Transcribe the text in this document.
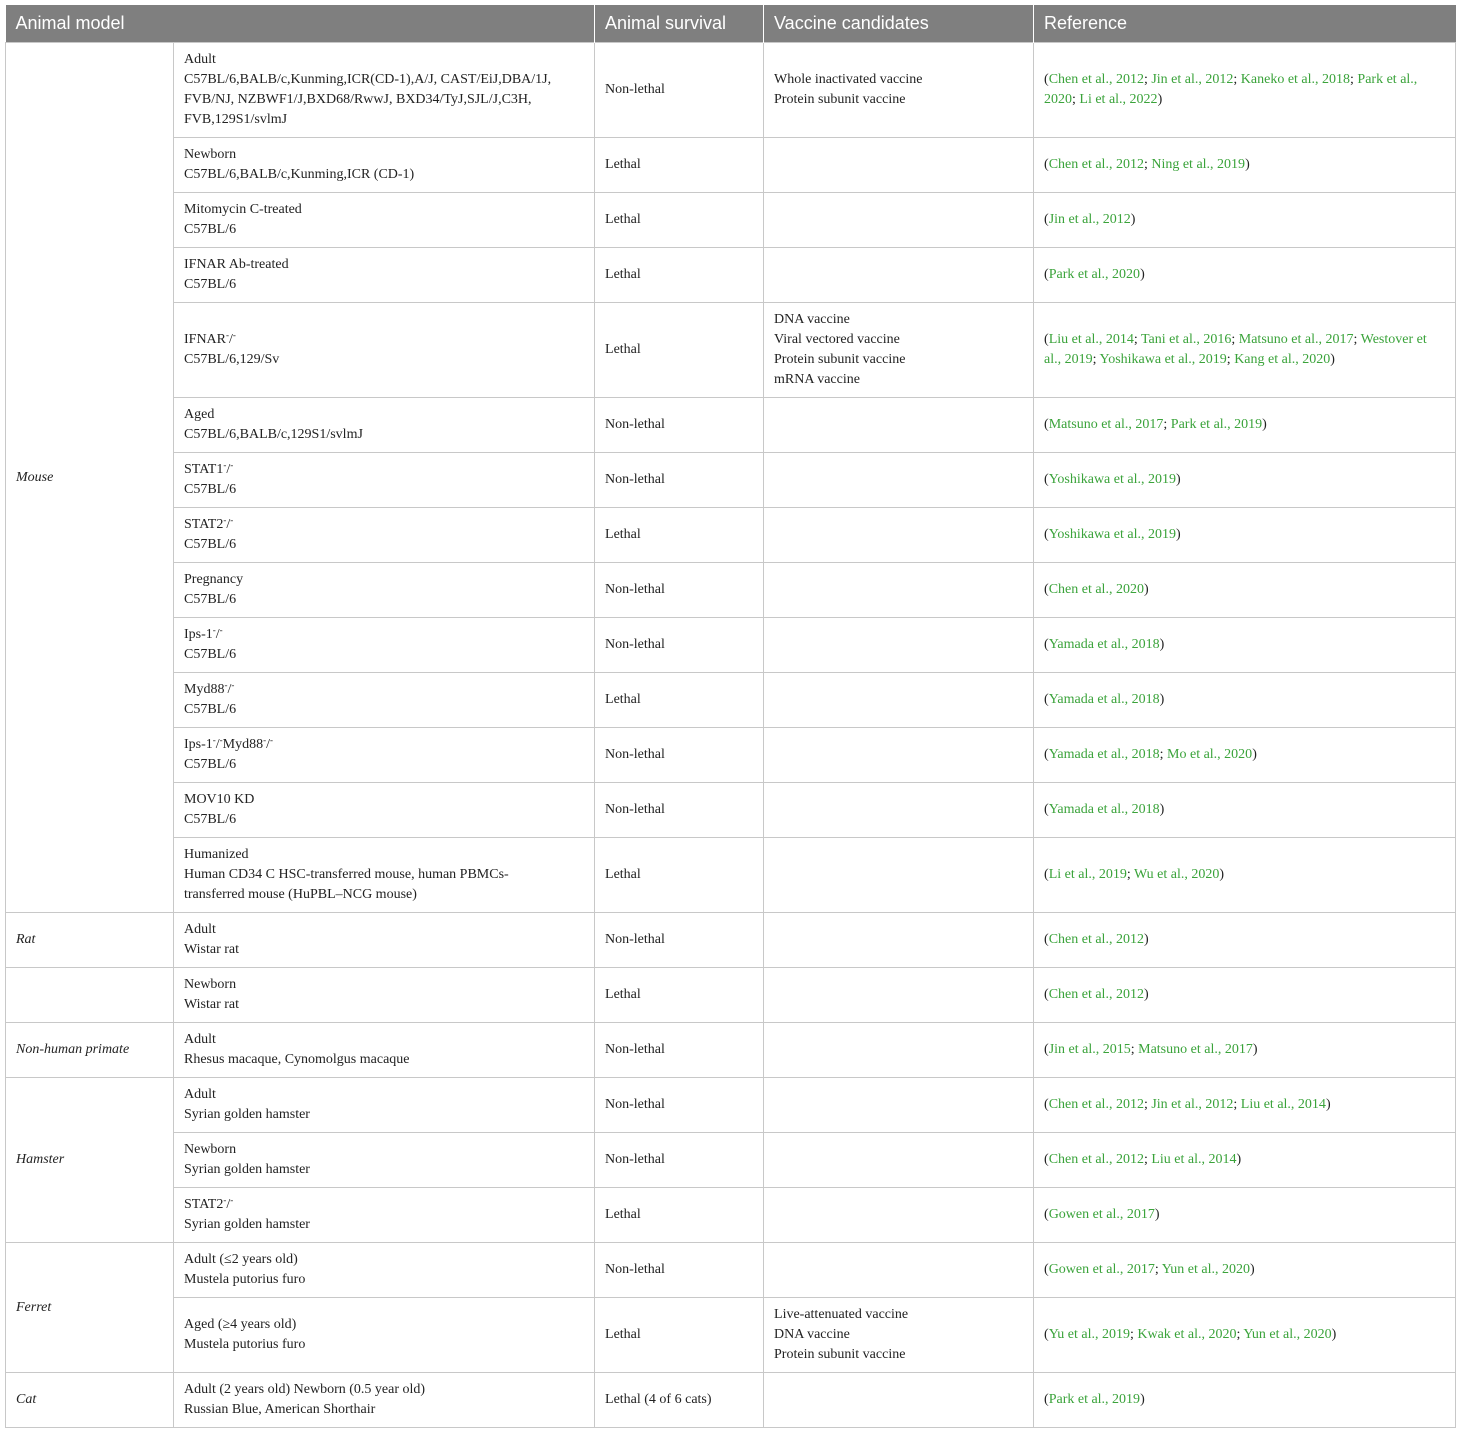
Animal model		Animal survival	Vaccine candidates	Reference
Mouse	Adult
C57BL/6,BALB/c,Kunming,ICR(CD-1),A/J, CAST/EiJ,DBA/1J,
FVB/NJ, NZBWF1/J,BXD68/RwwJ, BXD34/TyJ,SJL/J,C3H,
FVB,129S1/svlmJ	Non-lethal	Whole inactivated vaccine
Protein subunit vaccine	(Chen et al., 2012; Jin et al., 2012; Kaneko et al., 2018; Park et al., 2020; Li et al., 2022)

	Newborn
C57BL/6,BALB/c,Kunming,ICR (CD-1)	Lethal		(Chen et al., 2012; Ning et al., 2019)

	Mitomycin C-treated
C57BL/6	Lethal		(Jin et al., 2012)

	IFNAR Ab-treated
C57BL/6	Lethal		(Park et al., 2020)

	IFNAR-/-
C57BL/6,129/Sv	Lethal	DNA vaccine
Viral vectored vaccine
Protein subunit vaccine
mRNA vaccine	(Liu et al., 2014; Tani et al., 2016; Matsuno et al., 2017; Westover et al., 2019; Yoshikawa et al., 2019; Kang et al., 2020)

	Aged
C57BL/6,BALB/c,129S1/svlmJ	Non-lethal		(Matsuno et al., 2017; Park et al., 2019)

	STAT1-/-
C57BL/6	Non-lethal		(Yoshikawa et al., 2019)

	STAT2-/-
C57BL/6	Lethal		(Yoshikawa et al., 2019)

	Pregnancy
C57BL/6	Non-lethal		(Chen et al., 2020)

	Ips-1-/-
C57BL/6	Non-lethal		(Yamada et al., 2018)

	Myd88-/-
C57BL/6	Lethal		(Yamada et al., 2018)

	Ips-1-/-Myd88-/-
C57BL/6	Non-lethal		(Yamada et al., 2018; Mo et al., 2020)

	MOV10 KD
C57BL/6	Non-lethal		(Yamada et al., 2018)

	Humanized
Human CD34 C HSC-transferred mouse, human PBMCs-
transferred mouse (HuPBL–NCG mouse)	Lethal		(Li et al., 2019; Wu et al., 2020)
Rat	Adult
Wistar rat	Non-lethal		(Chen et al., 2012)

	Newborn
Wistar rat	Lethal		(Chen et al., 2012)
Non-human primate	Adult
Rhesus macaque, Cynomolgus macaque	Non-lethal		(Jin et al., 2015; Matsuno et al., 2017)
Hamster	Adult
Syrian golden hamster	Non-lethal		(Chen et al., 2012; Jin et al., 2012; Liu et al., 2014)

	Newborn
Syrian golden hamster	Non-lethal		(Chen et al., 2012; Liu et al., 2014)

	STAT2-/-
Syrian golden hamster	Lethal		(Gowen et al., 2017)
Ferret	Adult (≤2 years old)
Mustela putorius furo	Non-lethal		(Gowen et al., 2017; Yun et al., 2020)

	Aged (≥4 years old)
Mustela putorius furo	Lethal	Live-attenuated vaccine
DNA vaccine
Protein subunit vaccine	(Yu et al., 2019; Kwak et al., 2020; Yun et al., 2020)
Cat	Adult (2 years old) Newborn (0.5 year old)
Russian Blue, American Shorthair	Lethal (4 of 6 cats)		(Park et al., 2019)
